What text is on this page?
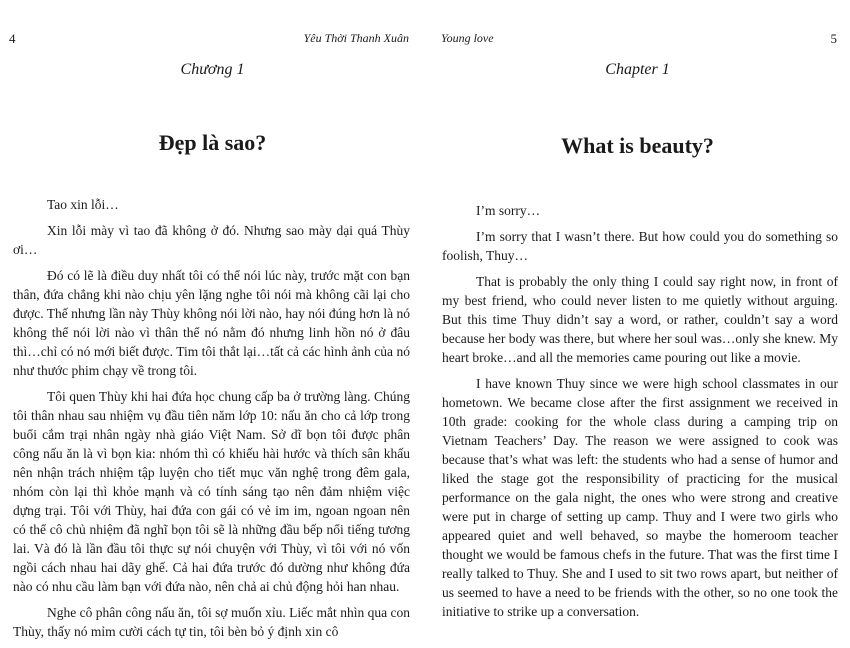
4	Yêu Thời Thanh Xuân
Chương 1
Đẹp là sao?

Tao xin lỗi…

Xin lỗi mày vì tao đã không ở đó. Nhưng sao mày dại quá Thùy ơi…

Đó có lẽ là điều duy nhất tôi có thể nói lúc này, trước mặt con bạn thân, đứa chẳng khi nào chịu yên lặng nghe tôi nói mà không cãi lại cho được. Thế nhưng lần này Thùy không nói lời nào, hay nói đúng hơn là nó không thể nói lời nào vì thân thể nó nằm đó nhưng linh hồn nó ở đâu thì…chỉ có nó mới biết được. Tim tôi thắt lại…tất cả các hình ảnh của nó như thước phim chạy về trong tôi.

Tôi quen Thùy khi hai đứa học chung cấp ba ở trường làng. Chúng tôi thân nhau sau nhiệm vụ đầu tiên năm lớp 10: nấu ăn cho cả lớp trong buổi cắm trại nhân ngày nhà giáo Việt Nam. Sở dĩ bọn tôi được phân công nấu ăn là vì bọn kia: nhóm thì có khiếu hài hước và thích sân khấu nên nhận trách nhiệm tập luyện cho tiết mục văn nghệ trong đêm gala, nhóm còn lại thì khỏe mạnh và có tính sáng tạo nên đảm nhiệm việc dựng trại. Tôi với Thùy, hai đứa con gái có vẻ im im, ngoan ngoan nên có thể cô chủ nhiệm đã nghĩ bọn tôi sẽ là những đầu bếp nổi tiếng tương lai. Và đó là lần đầu tôi thực sự nói chuyện với Thùy, vì tôi với nó vốn ngồi cách nhau hai dãy ghế. Cả hai đứa trước đó dường như không đứa nào có nhu cầu làm bạn với đứa nào, nên chả ai chủ động hỏi han nhau.

Nghe cô phân công nấu ăn, tôi sợ muốn xỉu. Liếc mắt nhìn qua con Thùy, thấy nó mỉm cười cách tự tin, tôi bèn bỏ ý định xin cô

Young love	5
Chapter 1
What is beauty?

I’m sorry…

I’m sorry that I wasn’t there. But how could you do something so foolish, Thuy…

That is probably the only thing I could say right now, in front of my best friend, who could never listen to me quietly without arguing. But this time Thuy didn’t say a word, or rather, couldn’t say a word because her body was there, but where her soul was…only she knew. My heart broke…and all the memories came pouring out like a movie.

I have known Thuy since we were high school classmates in our hometown. We became close after the first assignment we received in 10th grade: cooking for the whole class during a camping trip on Vietnam Teachers’ Day. The reason we were assigned to cook was because that’s what was left: the students who had a sense of humor and liked the stage got the responsibility of practicing for the musical performance on the gala night, the ones who were strong and creative were put in charge of setting up camp. Thuy and I were two girls who appeared quiet and well behaved, so maybe the homeroom teacher thought we would be famous chefs in the future. That was the first time I really talked to Thuy. She and I used to sit two rows apart, but neither of us seemed to have a need to be friends with the other, so no one took the initiative to strike up a conversation.
